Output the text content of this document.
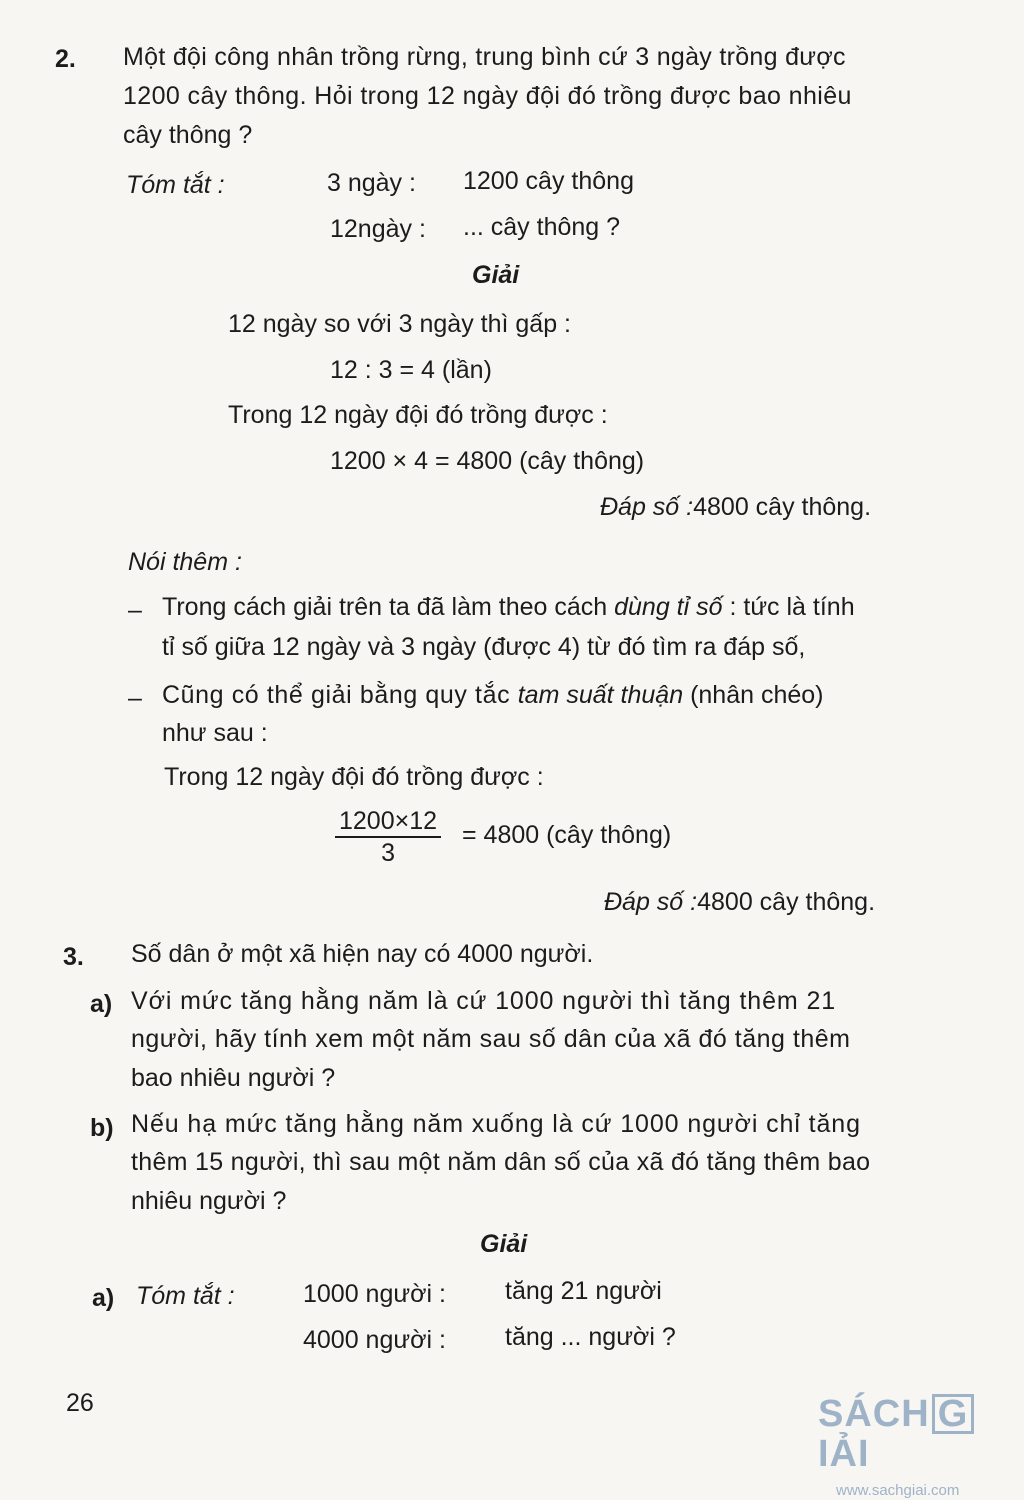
2. Một đội công nhân trồng rừng, trung bình cứ 3 ngày trồng được
1200 cây thông. Hỏi trong 12 ngày đội đó trồng được bao nhiêu
cây thông ?
Tóm tắt :	3 ngày : 1200 cây thông
12ngày : ... cây thông ?
Giải
12 ngày so với 3 ngày thì gấp :
12 : 3 = 4 (lần)
Trong 12 ngày đội đó trồng được :
1200 × 4 = 4800 (cây thông)
Đáp số :4800 cây thông.
Nói thêm :
– Trong cách giải trên ta đã làm theo cách dùng tỉ số : tức là tính
tỉ số giữa 12 ngày và 3 ngày (được 4) từ đó tìm ra đáp số,
– Cũng có thể giải bằng quy tắc tam suất thuận (nhân chéo)
như sau :
Trong 12 ngày đội đó trồng được :
$\frac{1200\times 12}{3} = 4800$ (cây thông)
Đáp số :4800 cây thông.
3. Số dân ở một xã hiện nay có 4000 người.
a) Với mức tăng hằng năm là cứ 1000 người thì tăng thêm 21
người, hãy tính xem một năm sau số dân của xã đó tăng thêm
bao nhiêu người ?
b) Nếu hạ mức tăng hằng năm xuống là cứ 1000 người chỉ tăng
thêm 15 người, thì sau một năm dân số của xã đó tăng thêm bao
nhiêu người ?
Giải
a) Tóm tắt :	1000 người : tăng 21 người
4000 người : tăng ... người ?
26	SÁCH GIẢI
www.sachgiai.com
